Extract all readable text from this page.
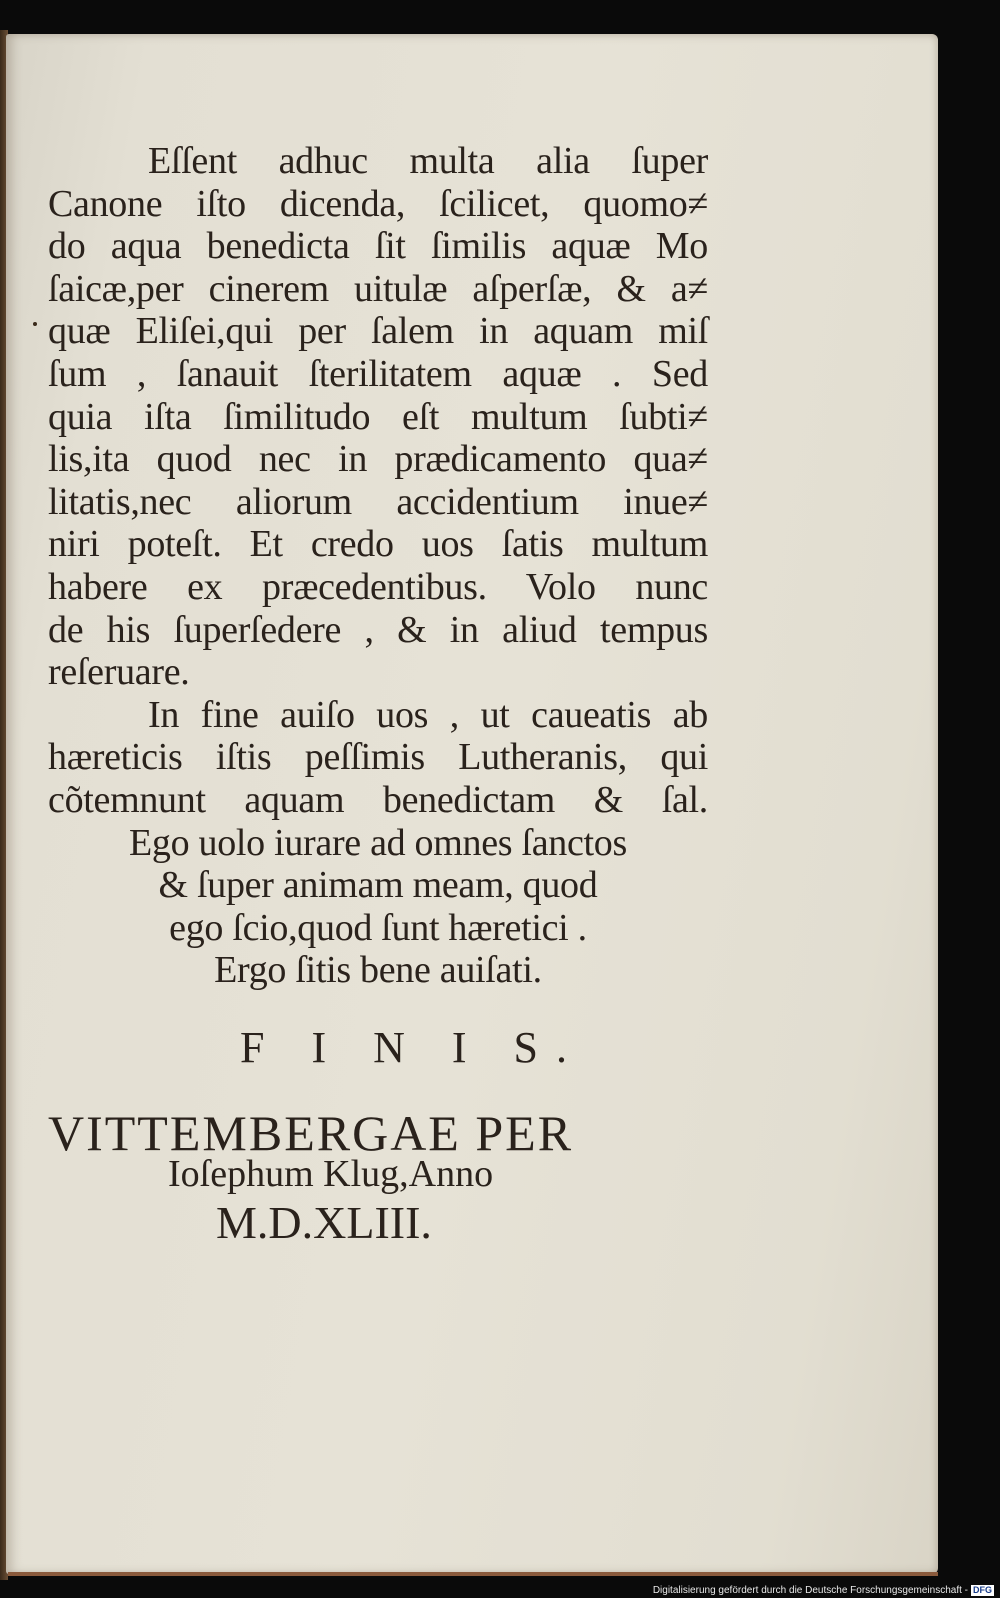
Eſſent adhuc multa alia ſuper
Canone iſto dicenda, ſcilicet, quomo≠
do aqua benedicta ſit ſimilis aquæ Mo
ſaicæ,per cinerem uitulæ aſperſæ, & a≠
quæ Eliſei,qui per ſalem in aquam miſ
ſum , ſanauit ſterilitatem aquæ . Sed
quia iſta ſimilitudo eſt multum ſubti≠
lis,ita quod nec in prædicamento qua≠
litatis,nec aliorum accidentium inue≠
niri poteſt. Et credo uos ſatis multum
habere ex præcedentibus. Volo nunc
de his ſuperſedere , & in aliud tempus
reſeruare.
In fine auiſo uos , ut caueatis ab
hæreticis iſtis peſſimis Lutheranis, qui
cõtemnunt aquam benedictam & ſal.
Ego uolo iurare ad omnes ſanctos
& ſuper animam meam, quod
ego ſcio,quod ſunt hæretici .
Ergo ſitis bene auiſati.
F I N I S.
VITTEMBERGAE PER
Ioſephum Klug,Anno
M.D.XLIII.
Digitalisierung gefördert durch die Deutsche Forschungsgemeinschaft - DFG
